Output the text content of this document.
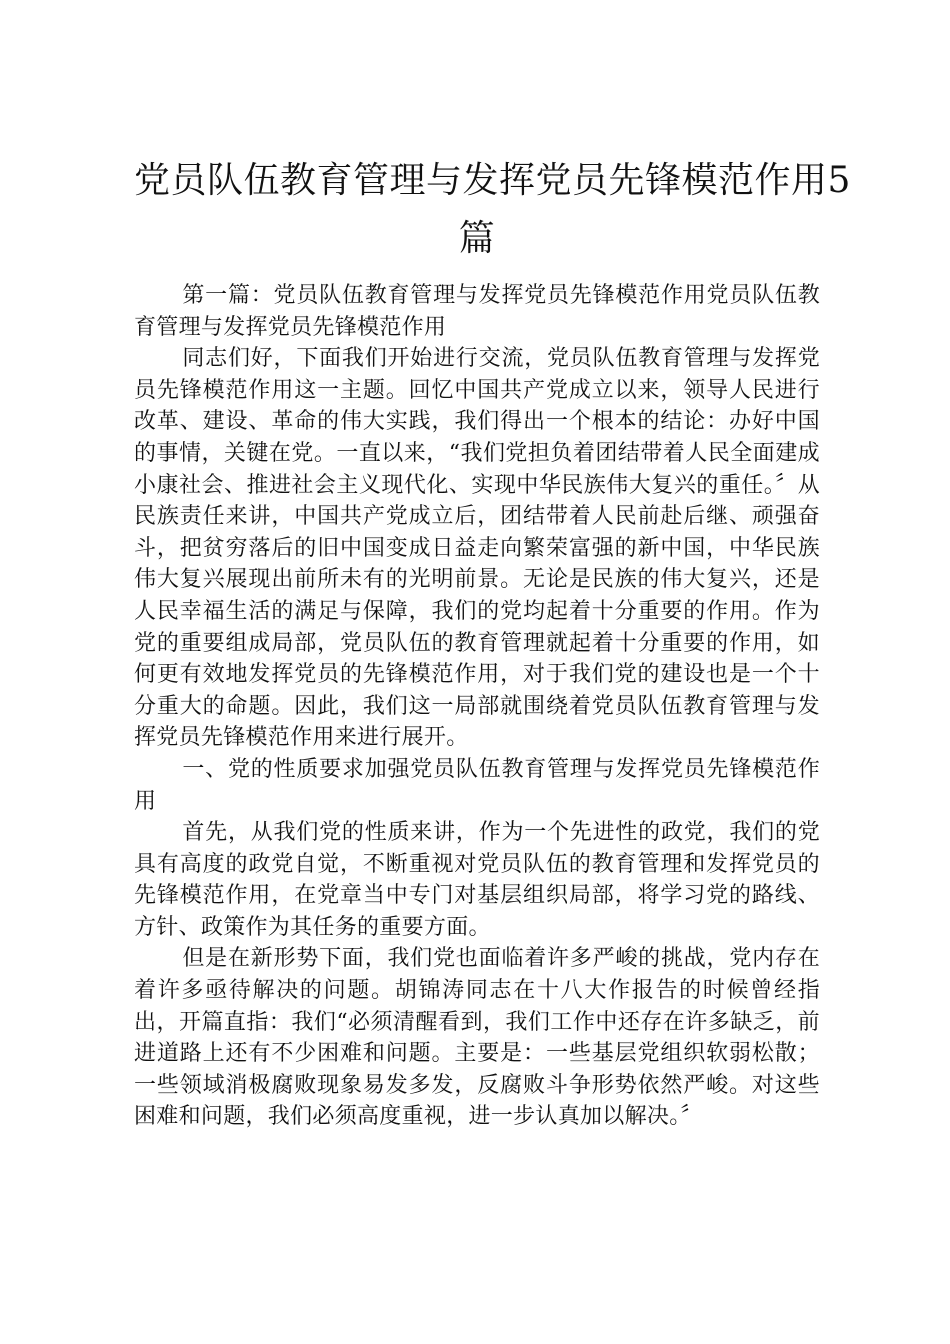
党员队伍教育管理与发挥党员先锋模范作用5
篇

第一篇：党员队伍教育管理与发挥党员先锋模范作用党员队伍教育管理与发挥党员先锋模范作用

同志们好，下面我们开始进行交流，党员队伍教育管理与发挥党员先锋模范作用这一主题。回忆中国共产党成立以来，领导人民进行改革、建设、革命的伟大实践，我们得出一个根本的结论：办好中国的事情，关键在党。一直以来，“我们党担负着团结带着人民全面建成小康社会、推进社会主义现代化、实现中华民族伟大复兴的重任。〞从民族责任来讲，中国共产党成立后，团结带着人民前赴后继、顽强奋斗，把贫穷落后的旧中国变成日益走向繁荣富强的新中国，中华民族伟大复兴展现出前所未有的光明前景。无论是民族的伟大复兴，还是人民幸福生活的满足与保障，我们的党均起着十分重要的作用。作为党的重要组成局部，党员队伍的教育管理就起着十分重要的作用，如何更有效地发挥党员的先锋模范作用，对于我们党的建设也是一个十分重大的命题。因此，我们这一局部就围绕着党员队伍教育管理与发挥党员先锋模范作用来进行展开。

一、党的性质要求加强党员队伍教育管理与发挥党员先锋模范作用

首先，从我们党的性质来讲，作为一个先进性的政党，我们的党具有高度的政党自觉，不断重视对党员队伍的教育管理和发挥党员的先锋模范作用，在党章当中专门对基层组织局部，将学习党的路线、方针、政策作为其任务的重要方面。

但是在新形势下面，我们党也面临着许多严峻的挑战，党内存在着许多亟待解决的问题。胡锦涛同志在十八大作报告的时候曾经指出，开篇直指：我们“必须清醒看到，我们工作中还存在许多缺乏，前进道路上还有不少困难和问题。主要是：一些基层党组织软弱松散；一些领域消极腐败现象易发多发，反腐败斗争形势依然严峻。对这些困难和问题，我们必须高度重视，进一步认真加以解决。〞
